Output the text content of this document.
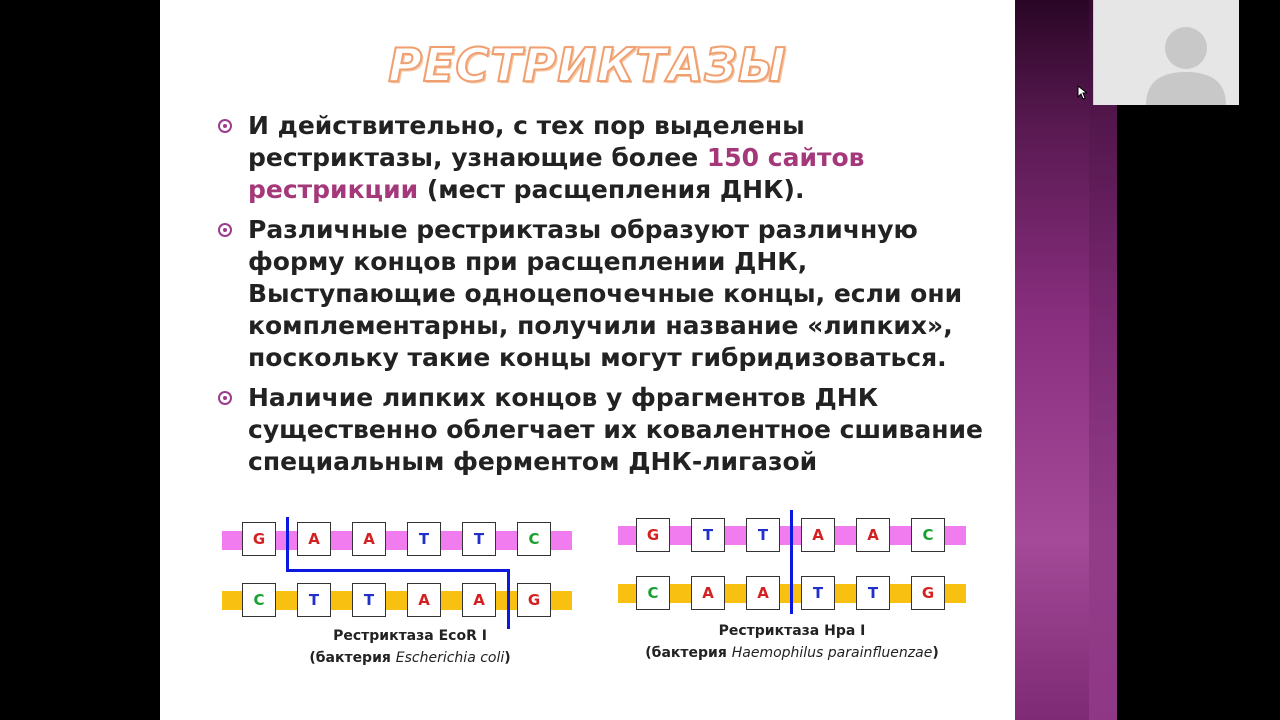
РЕСТРИКТАЗЫ
И действительно, с тех пор выделены рестриктазы, узнающие более 150 сайтов рестрикции (мест расщепления ДНК).
Различные рестриктазы образуют различную форму концов при расщеплении ДНК, Выступающие одноцепочечные концы, если они комплементарны, получили название «липких», поскольку такие концы могут гибридизоваться.
Наличие липких концов у фрагментов ДНК существенно облегчает их ковалентное сшивание специальным ферментом ДНК-лигазой
G	A	A	T	T	C
C	T	T	A	A	G
Рестриктаза EcoR I
(бактерия Escherichia coli)
G	T	T	A	A	C
C	A	A	T	T	G
Рестриктаза Hpa I
(бактерия Haemophilus parainfluenzae)
